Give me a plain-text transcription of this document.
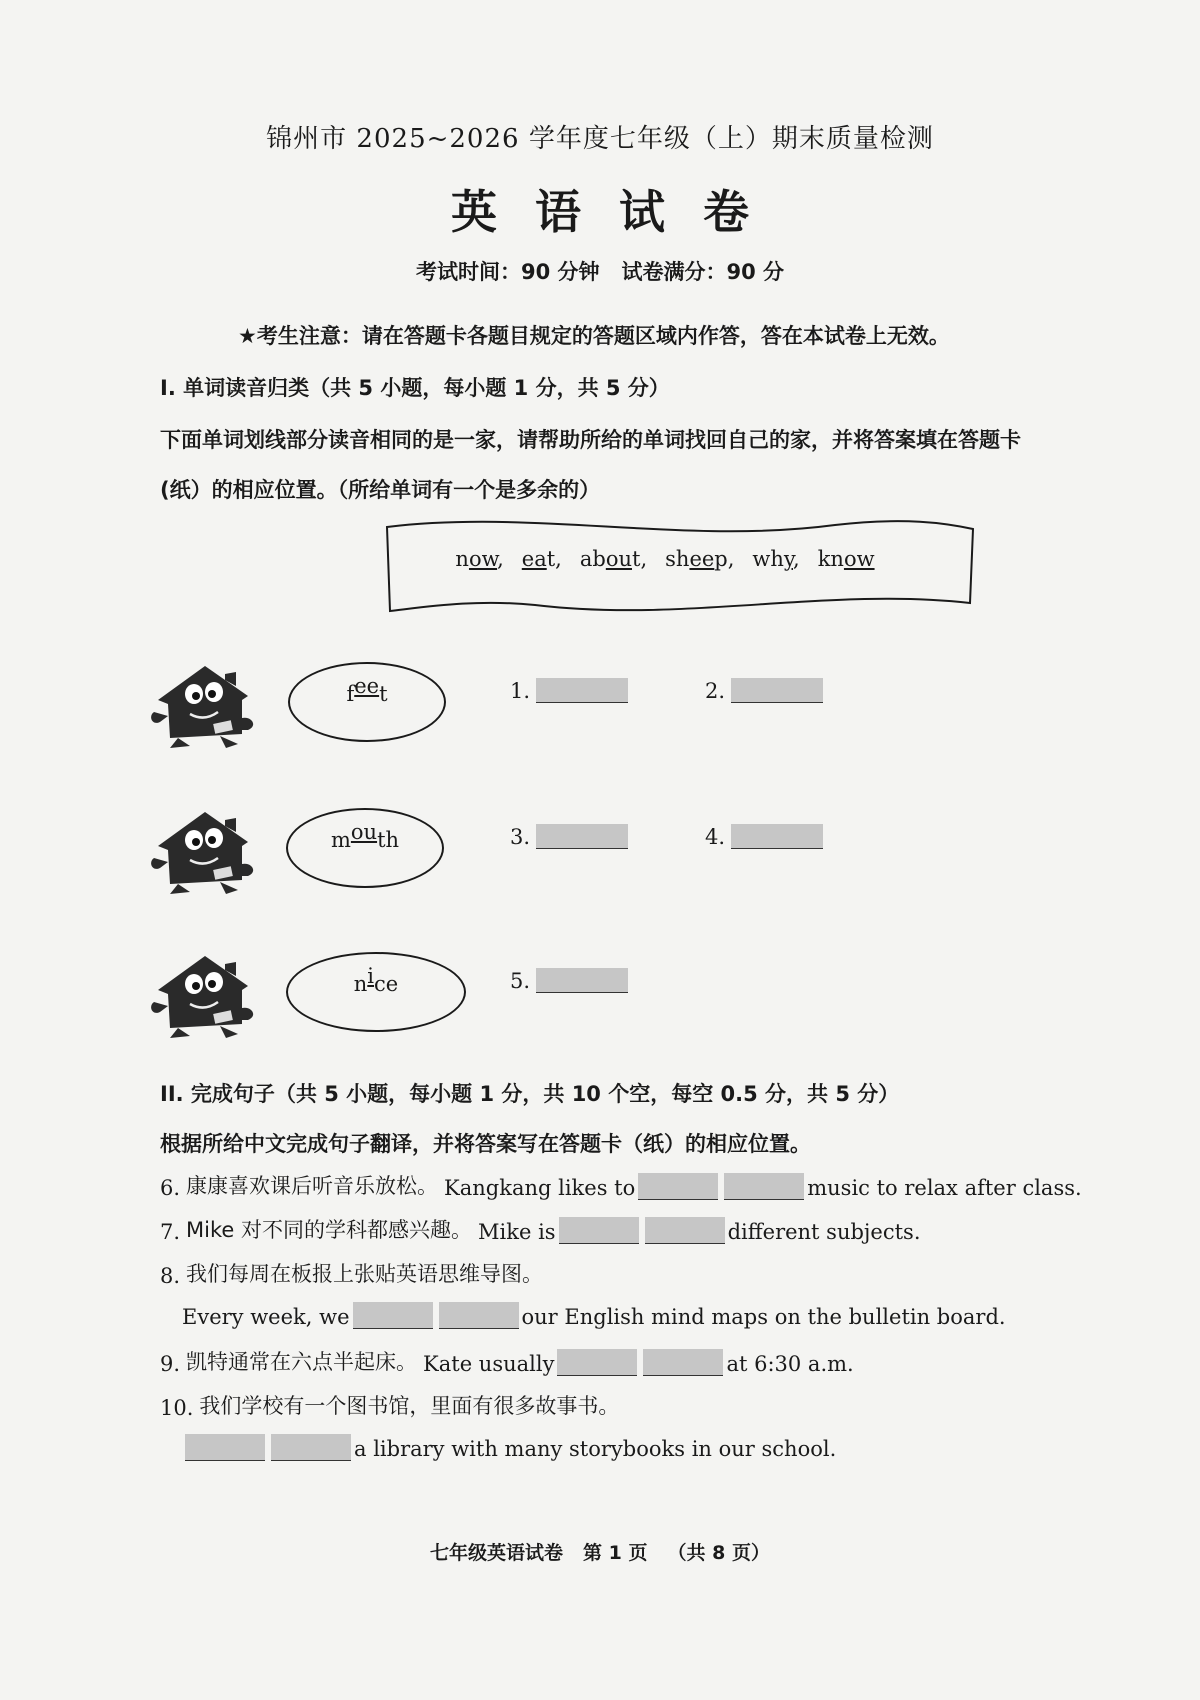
锦州市 2025~2026 学年度七年级（上）期末质量检测
英语试卷
考试时间：90 分钟 试卷满分：90 分
★考生注意：请在答题卡各题目规定的答题区域内作答，答在本试卷上无效。
I. 单词读音归类（共 5 小题，每小题 1 分，共 5 分）
下面单词划线部分读音相同的是一家，请帮助所给的单词找回自己的家，并将答案填在答题卡
(纸）的相应位置。（所给单词有一个是多余的）
now, eat, about, sheep, why, know
feet	1.	2.
mouth	3.	4.
nice	5.
II. 完成句子（共 5 小题，每小题 1 分，共 10 个空，每空 0.5 分，共 5 分）
根据所给中文完成句子翻译，并将答案写在答题卡（纸）的相应位置。
6. 康康喜欢课后听音乐放松。 Kangkang likes to	music to relax after class.
7. Mike 对不同的学科都感兴趣。 Mike is	different subjects.
8. 我们每周在板报上张贴英语思维导图。
Every week, we	our English mind maps on the bulletin board.
9. 凯特通常在六点半起床。 Kate usually	at 6:30 a.m.
10. 我们学校有一个图书馆，里面有很多故事书。
a library with many storybooks in our school.
七年级英语试卷 第 1 页 （共 8 页）
